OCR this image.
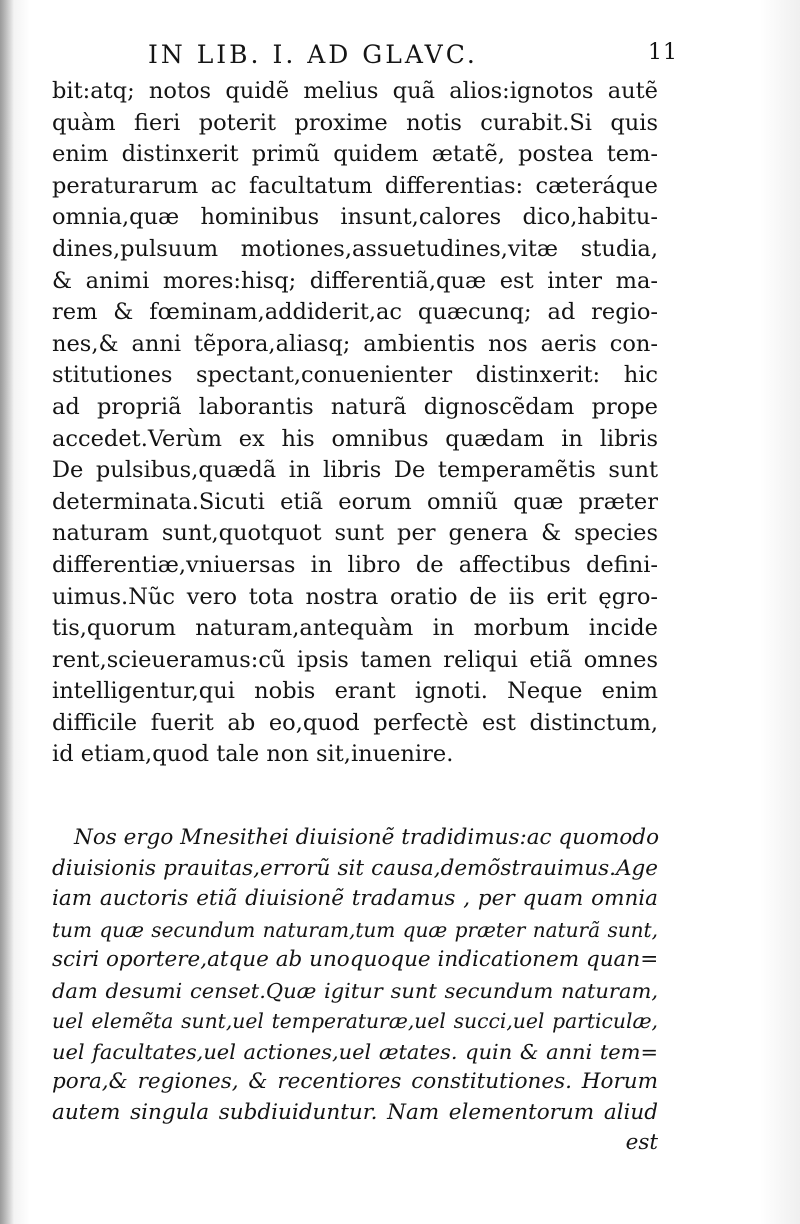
IN LIB. I. AD GLAVC.	11
bit:atq; notos quidẽ melius quã alios:ignotos autẽ
quàm fieri poterit proxime notis curabit.Si quis
enim distinxerit primũ quidem ætatẽ, postea tem-
peraturarum ac facultatum differentias: cæteráque
omnia,quæ hominibus insunt,calores dico,habitu-
dines,pulsuum motiones,assuetudines,vitæ studia,
& animi mores:hisq; differentiã,quæ est inter ma-
rem & fœminam,addiderit,ac quæcunq; ad regio-
nes,& anni tẽpora,aliasq; ambientis nos aeris con-
stitutiones spectant,conuenienter distinxerit: hic
ad propriã laborantis naturã dignoscẽdam prope
accedet.Verùm ex his omnibus quædam in libris
De pulsibus,quædã in libris De temperamẽtis sunt
determinata.Sicuti etiã eorum omniũ quæ præter
naturam sunt,quotquot sunt per genera & species
differentiæ,vniuersas in libro de affectibus defini-
uimus.Nũc vero tota nostra oratio de iis erit ęgro-
tis,quorum naturam,antequàm in morbum incide
rent,scieueramus:cũ ipsis tamen reliqui etiã omnes
intelligentur,qui nobis erant ignoti. Neque enim
difficile fuerit ab eo,quod perfectè est distinctum,
id etiam,quod tale non sit,inuenire.
Nos ergo Mnesithei diuisionẽ tradidimus:ac quomodo
diuisionis prauitas,errorũ sit causa,demõstrauimus.Age
iam auctoris etiã diuisionẽ tradamus , per quam omnia
tum quæ secundum naturam,tum quæ præter naturã sunt,
sciri oportere,atque ab unoquoque indicationem quan=
dam desumi censet.Quæ igitur sunt secundum naturam,
uel elemẽta sunt,uel temperaturæ,uel succi,uel particulæ,
uel facultates,uel actiones,uel ætates. quin & anni tem=
pora,& regiones, & recentiores constitutiones. Horum
autem singula subdiuiduntur. Nam elementorum aliud
est
